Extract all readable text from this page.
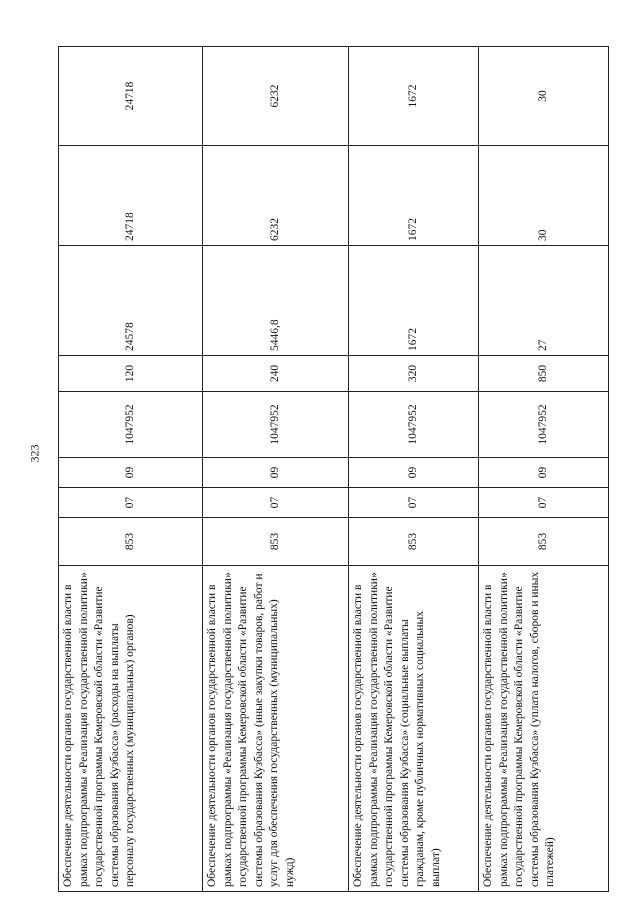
323
Обеспечение деятельности органов государственной власти в рамках подпрограммы «Реализация государственной политики» государственной программы Кемеровской области «Развитие системы образования Кузбасса» (расходы на выплаты персоналу государственных (муниципальных) органов)	853	07	09	1047952	120	24578	24718	24718
Обеспечение деятельности органов государственной власти в рамках подпрограммы «Реализация государственной политики» государственной программы Кемеровской области «Развитие системы образования Кузбасса» (иные закупки товаров, работ и услуг для обеспечения государственных (муниципальных) нужд)	853	07	09	1047952	240	5446,8	6232	6232
Обеспечение деятельности органов государственной власти в рамках подпрограммы «Реализация государственной политики» государственной программы Кемеровской области «Развитие системы образования Кузбасса» (социальные выплаты гражданам, кроме публичных нормативных социальных выплат)	853	07	09	1047952	320	1672	1672	1672
Обеспечение деятельности органов государственной власти в рамках подпрограммы «Реализация государственной политики» государственной программы Кемеровской области «Развитие системы образования Кузбасса» (уплата налогов, сборов и иных платежей)	853	07	09	1047952	850	27	30	30
